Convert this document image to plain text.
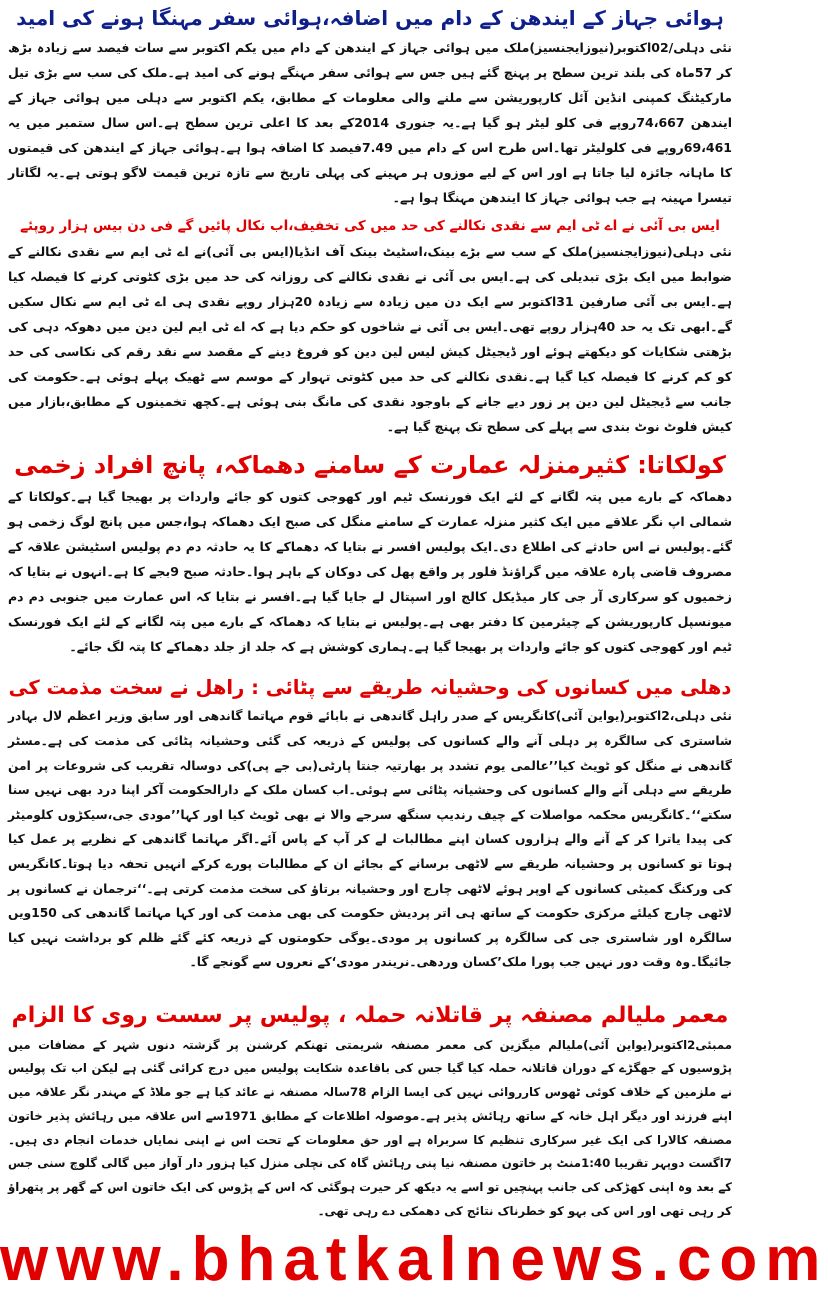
ہوائی جہاز کے ایندھن کے دام میں اضافہ،ہوائی سفر مہنگا ہونے کی امید

نئی دہلی/02اکتوبر(نیوزایجنسیز)ملک میں ہوائی جہاز کے ایندھن کے دام میں یکم اکتوبر سے سات فیصد سے زیادہ بڑھ کر 57ماہ کی بلند ترین سطح پر پہنچ گئے ہیں جس سے ہوائی سفر مہنگے ہونے کی امید ہے۔ملک کی سب سے بڑی تیل مارکیٹنگ کمپنی انڈین آئل کارپوریشن سے ملنے والی معلومات کے مطابق، یکم اکتوبر سے دہلی میں ہوائی جہاز کے ایندھن 74،667روپے فی کلو لیٹر ہو گیا ہے۔یہ جنوری 2014کے بعد کا اعلی ترین سطح ہے۔اس سال ستمبر میں یہ 69،461روپے فی کلولیٹر تھا۔اس طرح اس کے دام میں 7.49فیصد کا اضافہ ہوا ہے۔ہوائی جہاز کے ایندھن کی قیمتوں کا ماہانہ جائزہ لیا جاتا ہے اور اس کے لیے موزوں ہر مہینے کی پہلی تاریخ سے تازہ ترین قیمت لاگو ہوتی ہے۔یہ لگاتار تیسرا مہینہ ہے جب ہوائی جہاز کا ایندھن مہنگا ہوا ہے۔

ایس بی آئی نے اے ٹی ایم سے نقدی نکالنے کی حد میں کی تخفیف،اب نکال پائیں گے فی دن بیس ہزار روپئے

نئی دہلی(نیوزایجنسیز)ملک کے سب سے بڑے بینک،اسٹیٹ بینک آف انڈیا(ایس بی آئی)نے اے ٹی ایم سے نقدی نکالنے کے ضوابط میں ایک بڑی تبدیلی کی ہے۔ایس بی آئی نے نقدی نکالنے کی روزانہ کی حد میں بڑی کٹوتی کرنے کا فیصلہ کیا ہے۔ایس بی آئی صارفین 31اکتوبر سے ایک دن میں زیادہ سے زیادہ 20ہزار روپے نقدی ہی اے ٹی ایم سے نکال سکیں گے۔ابھی تک یہ حد 40ہزار روپے تھی۔ایس بی آئی نے شاخوں کو حکم دیا ہے کہ اے ٹی ایم لین دین میں دھوکہ دہی کی بڑھتی شکایات کو دیکھتے ہوئے اور ڈیجیٹل کیش لیس لین دین کو فروغ دینے کے مقصد سے نقد رقم کی نکاسی کی حد کو کم کرنے کا فیصلہ کیا گیا ہے۔نقدی نکالنے کی حد میں کٹوتی تہوار کے موسم سے ٹھیک پہلے ہوئی ہے۔حکومت کی جانب سے ڈیجیٹل لین دین پر زور دیے جانے کے باوجود نقدی کی مانگ بنی ہوئی ہے۔کچھ تخمینوں کے مطابق،بازار میں کیش فلوٹ نوٹ بندی سے پہلے کی سطح تک پہنچ گیا ہے۔

کولکاتا: کثیرمنزلہ عمارت کے سامنے دھماکہ، پانچ افراد زخمی

دھماکہ کے بارے میں پتہ لگانے کے لئے ایک فورنسک ٹیم اور کھوجی کتوں کو جائے واردات پر بھیجا گیا ہے۔کولکاتا کے شمالی اپ نگر علاقے میں ایک کثیر منزلہ عمارت کے سامنے منگل کی صبح ایک دھماکہ ہوا،جس میں پانچ لوگ زخمی ہو گئے۔پولیس نے اس حادثے کی اطلاع دی۔ایک پولیس افسر نے بتایا کہ دھماکے کا یہ حادثہ دم دم پولیس اسٹیشن علاقہ کے مصروف قاضی پارہ علاقہ میں گراؤنڈ فلور پر واقع پھل کی دوکان کے باہر ہوا۔حادثہ صبح 9بجے کا ہے۔انہوں نے بتایا کہ زخمیوں کو سرکاری آر جی کار میڈیکل کالج اور اسپتال لے جایا گیا ہے۔افسر نے بتایا کہ اس عمارت میں جنوبی دم دم میونسپل کارپوریشن کے چیئرمین کا دفتر بھی ہے۔پولیس نے بتایا کہ دھماکہ کے بارے میں پتہ لگانے کے لئے ایک فورنسک ٹیم اور کھوجی کتوں کو جائے واردات پر بھیجا گیا ہے۔ہماری کوشش ہے کہ جلد از جلد دھماکے کا پتہ لگ جائے۔

دھلی میں کسانوں کی وحشیانہ طریقے سے پٹائی : راھل نے سخت مذمت کی

نئی دہلی،2اکتوبر(یواین آئی)کانگریس کے صدر راہل گاندھی نے بابائے قوم مہاتما گاندھی اور سابق وزیر اعظم لال بہادر شاستری کی سالگرہ پر دہلی آنے والے کسانوں کی پولیس کے ذریعہ کی گئی وحشیانہ پٹائی کی مذمت کی ہے۔مسٹر گاندھی نے منگل کو ٹویٹ کیا’’عالمی یوم تشدد پر بھارتیہ جنتا پارٹی(بی جے پی)کی دوسالہ تقریب کی شروعات پر امن طریقے سے دہلی آنے والے کسانوں کی وحشیانہ پٹائی سے ہوئی۔اب کسان ملک کے دارالحکومت آکر اپنا درد بھی نہیں سنا سکتے‘‘۔کانگریس محکمہ مواصلات کے چیف رندیپ سنگھ سرجے والا نے بھی ٹویٹ کیا اور کہا’’مودی جی،سیکڑوں کلومیٹر کی پیدا یاترا کر کے آنے والے ہزاروں کسان اپنے مطالبات لے کر آپ کے پاس آئے۔اگر مہاتما گاندھی کے نظریے پر عمل کیا ہوتا تو کسانوں پر وحشیانہ طریقے سے لاٹھی برسانے کے بجائے ان کے مطالبات پورے کرکے انہیں تحفہ دیا ہوتا۔کانگریس کی ورکنگ کمیٹی کسانوں کے اوپر ہوئے لاٹھی چارج اور وحشیانہ برتاؤ کی سخت مذمت کرتی ہے۔‘‘ترجمان نے کسانوں پر لاٹھی چارج کیلئے مرکزی حکومت کے ساتھ ہی اتر پردیش حکومت کی بھی مذمت کی اور کہا مہاتما گاندھی کی 150ویں سالگرہ اور شاستری جی کی سالگرہ پر کسانوں پر مودی۔یوگی حکومتوں کے ذریعہ کئے گئے ظلم کو برداشت نہیں کیا جائیگا۔وہ وقت دور نہیں جب پورا ملک’کسان وردھی۔نریندر مودی‘کے نعروں سے گونجے گا۔

معمر ملیالم مصنفہ پر قاتلانہ حملہ ، پولیس پر سست روی کا الزام

ممبئی2اکتوبر(یواین آئی)ملیالم میگزین کی معمر مصنفہ شریمتی تھنکم کرشنن پر گزشتہ دنوں شہر کے مضافات میں پڑوسیوں کے جھگڑے کے دوران قاتلانہ حملہ کیا گیا جس کی باقاعدہ شکایت پولیس میں درج کرائی گئی ہے لیکن اب تک پولیس نے ملزمین کے خلاف کوئی ٹھوس کارروائی نہیں کی ایسا الزام 78سالہ مصنفہ نے عائد کیا ہے جو ملاڈ کے مہندر نگر علاقہ میں اپنے فرزند اور دیگر اہل خانہ کے ساتھ رہائش پذیر ہے۔موصولہ اطلاعات کے مطابق 1971سے اس علاقہ میں رہائش پذیر خاتون مصنفہ کالارا کی ایک غیر سرکاری تنظیم کا سربراہ ہے اور حق معلومات کے تحت اس نے اپنی نمایاں خدمات انجام دی ہیں۔7اگست دوپہر تقریبا 1:40منٹ پر خاتون مصنفہ نیا پنی رہائش گاہ کی نچلی منزل کیا ہزور دار آواز میں گالی گلوچ سنی جس کے بعد وہ اپنی کھڑکی کی جانب پہنچیں تو اسے یہ دیکھ کر حیرت ہوگئی کہ اس کے پڑوس کی ایک خاتون اس کے گھر پر پتھراؤ کر رہی تھی اور اس کی بہو کو خطرناک نتائج کی دھمکی دے رہی تھی۔

www.bhatkalnews.com
